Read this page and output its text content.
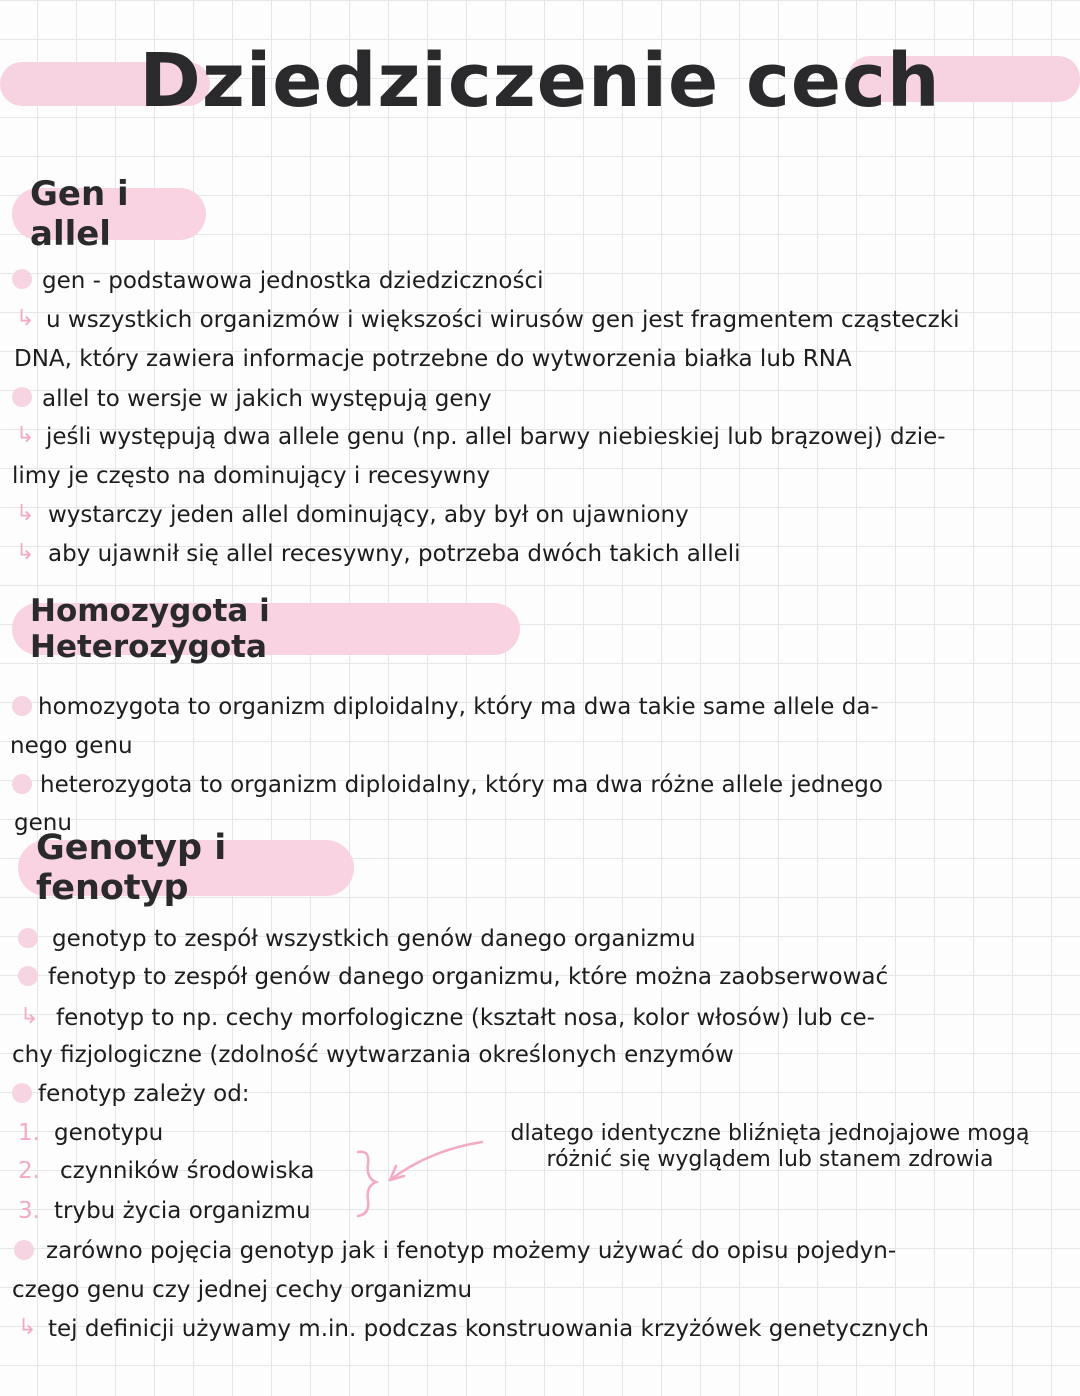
Dziedziczenie cech
Gen i allel
gen - podstawowa jednostka dziedziczności
↳ u wszystkich organizmów i większości wirusów gen jest fragmentem cząsteczki
DNA, który zawiera informacje potrzebne do wytworzenia białka lub RNA
allel to wersje w jakich występują geny
↳ jeśli występują dwa allele genu (np. allel barwy niebieskiej lub brązowej) dzie-
limy je często na dominujący i recesywny
↳ wystarczy jeden allel dominujący, aby był on ujawniony
↳ aby ujawnił się allel recesywny, potrzeba dwóch takich alleli
Homozygota i Heterozygota
homozygota to organizm diploidalny, który ma dwa takie same allele da-
nego genu
heterozygota to organizm diploidalny, który ma dwa różne allele jednego
genu
Genotyp i fenotyp
genotyp to zespół wszystkich genów danego organizmu
fenotyp to zespół genów danego organizmu, które można zaobserwować
↳ fenotyp to np. cechy morfologiczne (kształt nosa, kolor włosów) lub ce-
chy fizjologiczne (zdolność wytwarzania określonych enzymów
fenotyp zależy od:
1. genotypu
2. czynników środowiska
3. trybu życia organizmu
dlatego identyczne bliźnięta jednojajowe mogą
różnić się wyglądem lub stanem zdrowia
zarówno pojęcia genotyp jak i fenotyp możemy używać do opisu pojedyn-
czego genu czy jednej cechy organizmu
↳ tej definicji używamy m.in. podczas konstruowania krzyżówek genetycznych
